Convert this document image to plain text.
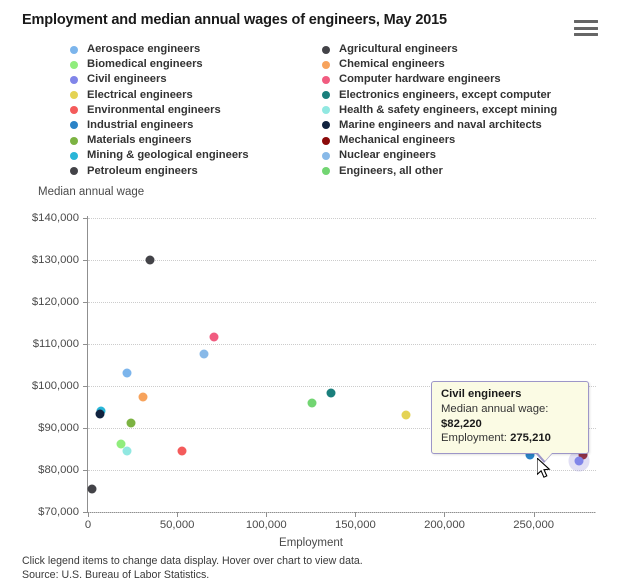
Employment and median annual wages of engineers, May 2015
Aerospace engineers
Biomedical engineers
Civil engineers
Electrical engineers
Environmental engineers
Industrial engineers
Materials engineers
Mining & geological engineers
Petroleum engineers
Agricultural engineers
Chemical engineers
Computer hardware engineers
Electronics engineers, except computer
Health & safety engineers, except mining
Marine engineers and naval architects
Mechanical engineers
Nuclear engineers
Engineers, all other
Median annual wage
$70,000
$80,000
$90,000
$100,000
$110,000
$120,000
$130,000
$140,000
0	50,000	100,000	150,000	200,000	250,000
Employment
Civil engineers
Median annual wage: $82,220
Employment: 275,210
Click legend items to change data display. Hover over chart to view data.
Source: U.S. Bureau of Labor Statistics.
